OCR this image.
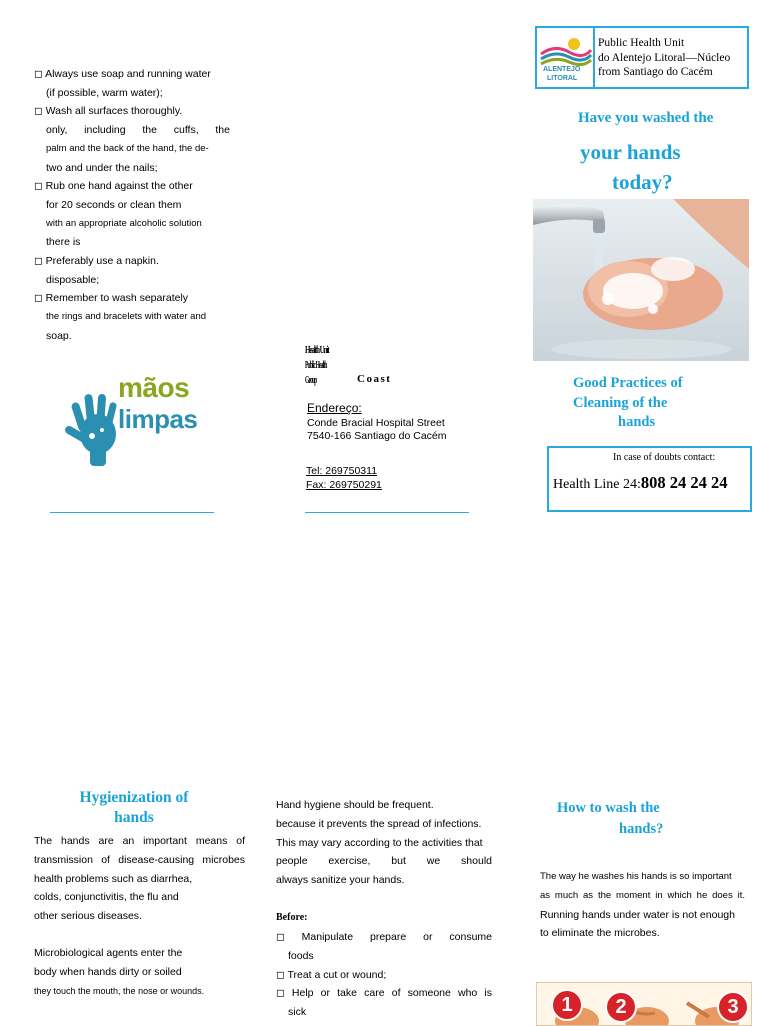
◻ Always use soap and running water
(if possible, warm water);
◻ Wash all surfaces thoroughly.
only, including the cuffs, the
palm and the back of the hand, the de-
two and under the nails;
◻ Rub one hand against the other
for 20 seconds or clean them
with an appropriate alcoholic solution
there is
◻ Preferably use a napkin.
disposable;
◻ Remember to wash separately
the rings and bracelets with water and
soap.
mãos
limpas
Health Unit
Public Health Group	Coast
Endereço:
Conde Bracial Hospital Street
7540-166 Santiago do Cacém
Tel: 269750311
Fax: 269750291
ALENTEJO
LITORAL
Public Health Unit
do Alentejo Litoral—Núcleo
from Santiago do Cacém
Have you washed the
your hands
today?
Good Practices of
Cleaning of the
hands
In case of doubts contact:
Health Line 24:808 24 24 24
Hygienization of
hands
The hands are an important means of
transmission of disease-causing microbes
health problems such as diarrhea,
colds, conjunctivitis, the flu and
other serious diseases.
Microbiological agents enter the
body when hands dirty or soiled
they touch the mouth, the nose or wounds.
Hand hygiene should be frequent.
because it prevents the spread of infections.
This may vary according to the activities that
people exercise, but we should
always sanitize your hands.
Before:
◻ Manipulate prepare or consume
foods
◻ Treat a cut or wound;
◻ Help or take care of someone who is
sick
How to wash the
hands?
The way he washes his hands is so important
as much as the moment in which he does it.
Running hands under water is not enough
to eliminate the microbes.
1	2	3
